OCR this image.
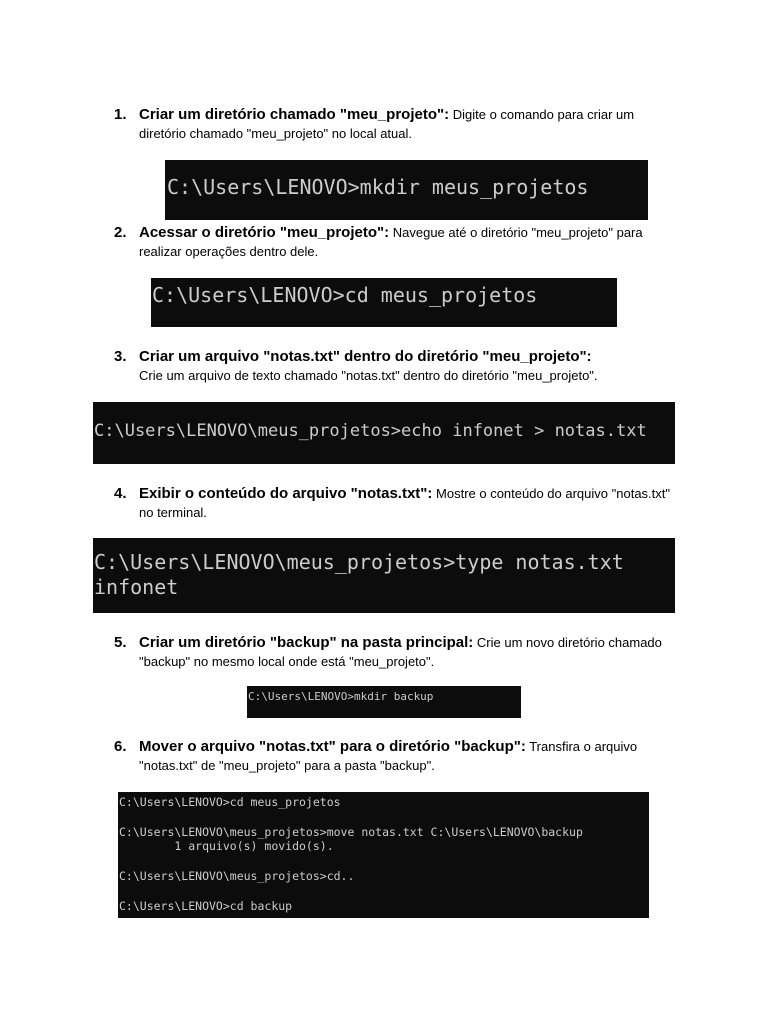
1. Criar um diretório chamado "meu_projeto": Digite o comando para criar um diretório chamado "meu_projeto" no local atual.
C:\Users\LENOVO>mkdir meus_projetos
2. Acessar o diretório "meu_projeto": Navegue até o diretório "meu_projeto" para realizar operações dentro dele.
C:\Users\LENOVO>cd meus_projetos
3. Criar um arquivo "notas.txt" dentro do diretório "meu_projeto":
Crie um arquivo de texto chamado "notas.txt" dentro do diretório "meu_projeto".
C:\Users\LENOVO\meus_projetos>echo infonet > notas.txt
4. Exibir o conteúdo do arquivo "notas.txt": Mostre o conteúdo do arquivo "notas.txt" no terminal.
C:\Users\LENOVO\meus_projetos>type notas.txt
infonet
5. Criar um diretório "backup" na pasta principal: Crie um novo diretório chamado "backup" no mesmo local onde está "meu_projeto".
C:\Users\LENOVO>mkdir backup
6. Mover o arquivo "notas.txt" para o diretório "backup": Transfira o arquivo "notas.txt" de "meu_projeto" para a pasta "backup".
C:\Users\LENOVO>cd meus_projetos

C:\Users\LENOVO\meus_projetos>move notas.txt C:\Users\LENOVO\backup
1 arquivo(s) movido(s).

C:\Users\LENOVO\meus_projetos>cd..

C:\Users\LENOVO>cd backup
